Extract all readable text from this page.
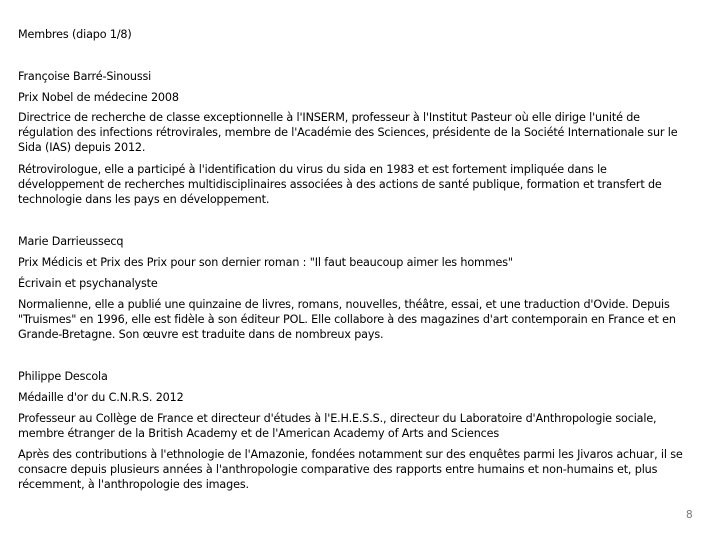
Membres (diapo 1/8)
Françoise Barré-Sinoussi
Prix Nobel de médecine 2008
Directrice de recherche de classe exceptionnelle à l'INSERM, professeur à l'Institut Pasteur où elle dirige l'unité de régulation des infections rétrovirales, membre de l'Académie des Sciences, présidente de la Société Internationale sur le Sida (IAS) depuis 2012.
Rétrovirologue, elle a participé à l'identification du virus du sida en 1983 et est fortement impliquée dans le développement de recherches multidisciplinaires associées à des actions de santé publique, formation et transfert de technologie dans les pays en développement.
Marie Darrieussecq
Prix Médicis et Prix des Prix pour son dernier roman : "Il faut beaucoup aimer les hommes"
Écrivain et psychanalyste
Normalienne, elle a publié une quinzaine de livres, romans, nouvelles, théâtre, essai, et une traduction d'Ovide. Depuis "Truismes" en 1996, elle est fidèle à son éditeur POL. Elle collabore à des magazines d'art contemporain en France et en Grande-Bretagne. Son œuvre est traduite dans de nombreux pays.
Philippe Descola
Médaille d'or du C.N.R.S. 2012
Professeur au Collège de France et directeur d'études à l'E.H.E.S.S., directeur du Laboratoire d'Anthropologie sociale, membre étranger de la British Academy et de l'American Academy of Arts and Sciences
Après des contributions à l'ethnologie de l'Amazonie, fondées notamment sur des enquêtes parmi les Jivaros achuar, il se consacre depuis plusieurs années à l'anthropologie comparative des rapports entre humains et non-humains et, plus récemment, à l'anthropologie des images.
8
